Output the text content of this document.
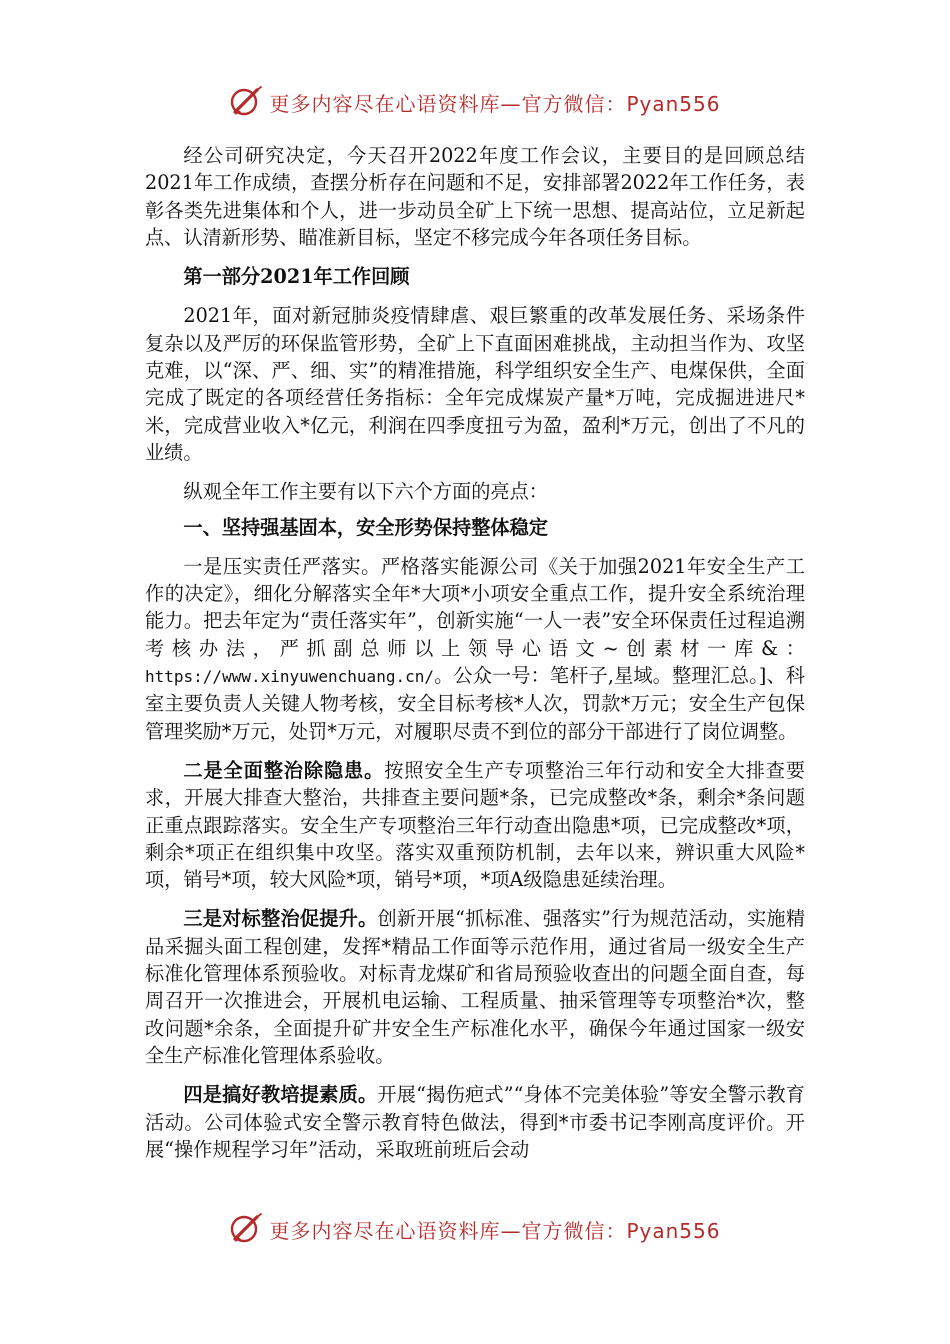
更多内容尽在心语资料库—官方微信：Pyan556

经公司研究决定，今天召开2022年度工作会议，主要目的是回顾总结2021年工作成绩，查摆分析存在问题和不足，安排部署2022年工作任务，表彰各类先进集体和个人，进一步动员全矿上下统一思想、提高站位，立足新起点、认清新形势、瞄准新目标，坚定不移完成今年各项任务目标。

第一部分2021年工作回顾

2021年，面对新冠肺炎疫情肆虐、艰巨繁重的改革发展任务、采场条件复杂以及严厉的环保监管形势，全矿上下直面困难挑战，主动担当作为、攻坚克难，以“深、严、细、实”的精准措施，科学组织安全生产、电煤保供，全面完成了既定的各项经营任务指标：全年完成煤炭产量*万吨，完成掘进进尺*米，完成营业收入*亿元，利润在四季度扭亏为盈，盈利*万元，创出了不凡的业绩。

纵观全年工作主要有以下六个方面的亮点：

一、坚持强基固本，安全形势保持整体稳定

一是压实责任严落实。严格落实能源公司《关于加强2021年安全生产工作的决定》，细化分解落实全年*大项*小项安全重点工作，提升安全系统治理能力。把去年定为“责任落实年”，创新实施“一人一表”安全环保责任过程追溯考核办法，严抓副总师以上领导心语文~创素材一库&：https://www.xinyuwenchuang.cn/。公众一号：笔杆子,星域。整理汇总。]、科室主要负责人关键人物考核，安全目标考核*人次，罚款*万元；安全生产包保管理奖励*万元，处罚*万元，对履职尽责不到位的部分干部进行了岗位调整。

二是全面整治除隐患。按照安全生产专项整治三年行动和安全大排查要求，开展大排查大整治，共排查主要问题*条，已完成整改*条，剩余*条问题正重点跟踪落实。安全生产专项整治三年行动查出隐患*项，已完成整改*项，剩余*项正在组织集中攻坚。落实双重预防机制，去年以来，辨识重大风险*项，销号*项，较大风险*项，销号*项，*项A级隐患延续治理。

三是对标整治促提升。创新开展“抓标准、强落实”行为规范活动，实施精品采掘头面工程创建，发挥*精品工作面等示范作用，通过省局一级安全生产标准化管理体系预验收。对标青龙煤矿和省局预验收查出的问题全面自查，每周召开一次推进会，开展机电运输、工程质量、抽采管理等专项整治*次，整改问题*余条，全面提升矿井安全生产标准化水平，确保今年通过国家一级安全生产标准化管理体系验收。

四是搞好教培提素质。开展“揭伤疤式”“身体不完美体验”等安全警示教育活动。公司体验式安全警示教育特色做法，得到*市委书记李刚高度评价。开展“操作规程学习年”活动，采取班前班后会动

更多内容尽在心语资料库—官方微信：Pyan556
